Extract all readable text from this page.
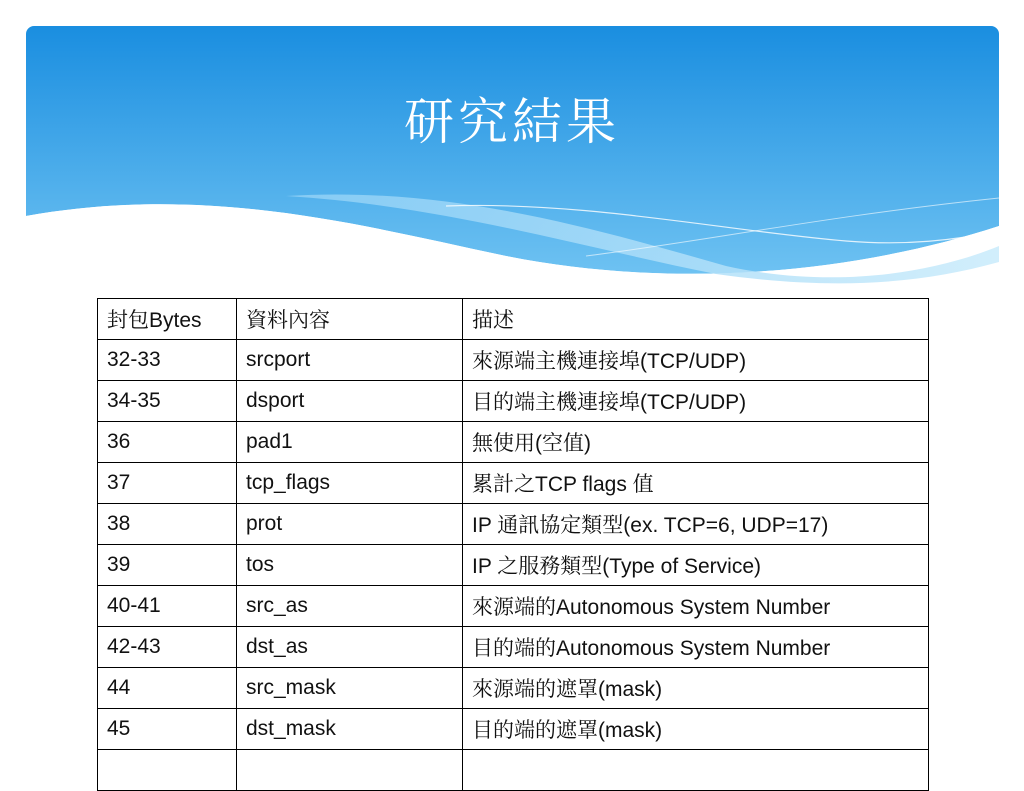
研究結果
封包Bytes	資料內容	描述
32-33	srcport	來源端主機連接埠(TCP/UDP)
34-35	dsport	目的端主機連接埠(TCP/UDP)
36	pad1	無使用(空值)
37	tcp_flags	累計之TCP flags 值
38	prot	IP 通訊協定類型(ex. TCP=6, UDP=17)
39	tos	IP 之服務類型(Type of Service)
40-41	src_as	來源端的Autonomous System Number
42-43	dst_as	目的端的Autonomous System Number
44	src_mask	來源端的遮罩(mask)
45	dst_mask	目的端的遮罩(mask)
